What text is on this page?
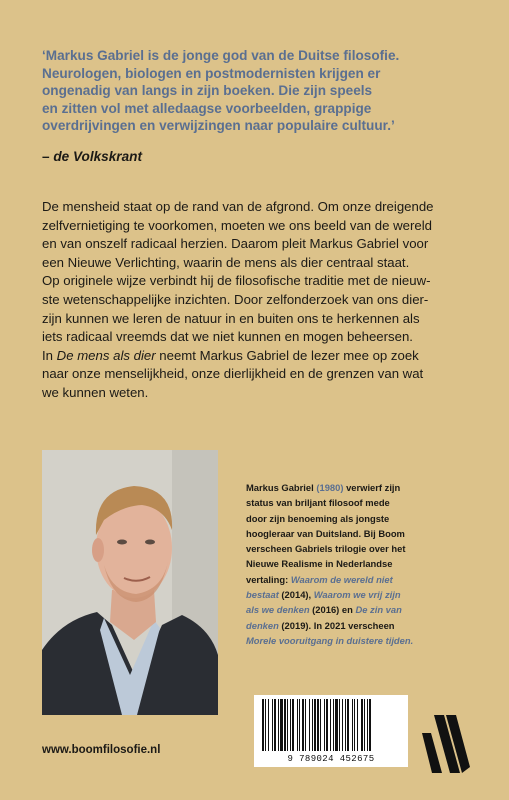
‘Markus Gabriel is de jonge god van de Duitse filosofie.
Neurologen, biologen en postmodernisten krijgen er
ongenadig van langs in zijn boeken. Die zijn speels
en zitten vol met alledaagse voorbeelden, grappige
overdrijvingen en verwijzingen naar populaire cultuur.’
– de Volkskrant
De mensheid staat op de rand van de afgrond. Om onze dreigende
zelfvernietiging te voorkomen, moeten we ons beeld van de wereld
en van onszelf radicaal herzien. Daarom pleit Markus Gabriel voor
een Nieuwe Verlichting, waarin de mens als dier centraal staat.
Op originele wijze verbindt hij de filosofische traditie met de nieuw-
ste wetenschappelijke inzichten. Door zelfonderzoek van ons dier-
zijn kunnen we leren de natuur in en buiten ons te herkennen als
iets radicaal vreemds dat we niet kunnen en mogen beheersen.
In De mens als dier neemt Markus Gabriel de lezer mee op zoek
naar onze menselijkheid, onze dierlijkheid en de grenzen van wat
we kunnen weten.
Markus Gabriel (1980) verwierf zijn
status van briljant filosoof mede
door zijn benoeming als jongste
hoogleraar van Duitsland. Bij Boom
verscheen Gabriels trilogie over het
Nieuwe Realisme in Nederlandse
vertaling: Waarom de wereld niet
bestaat (2014), Waarom we vrij zijn
als we denken (2016) en De zin van
denken (2019). In 2021 verscheen
Morele vooruitgang in duistere tijden.
www.boomfilosofie.nl
9 789024 452675
